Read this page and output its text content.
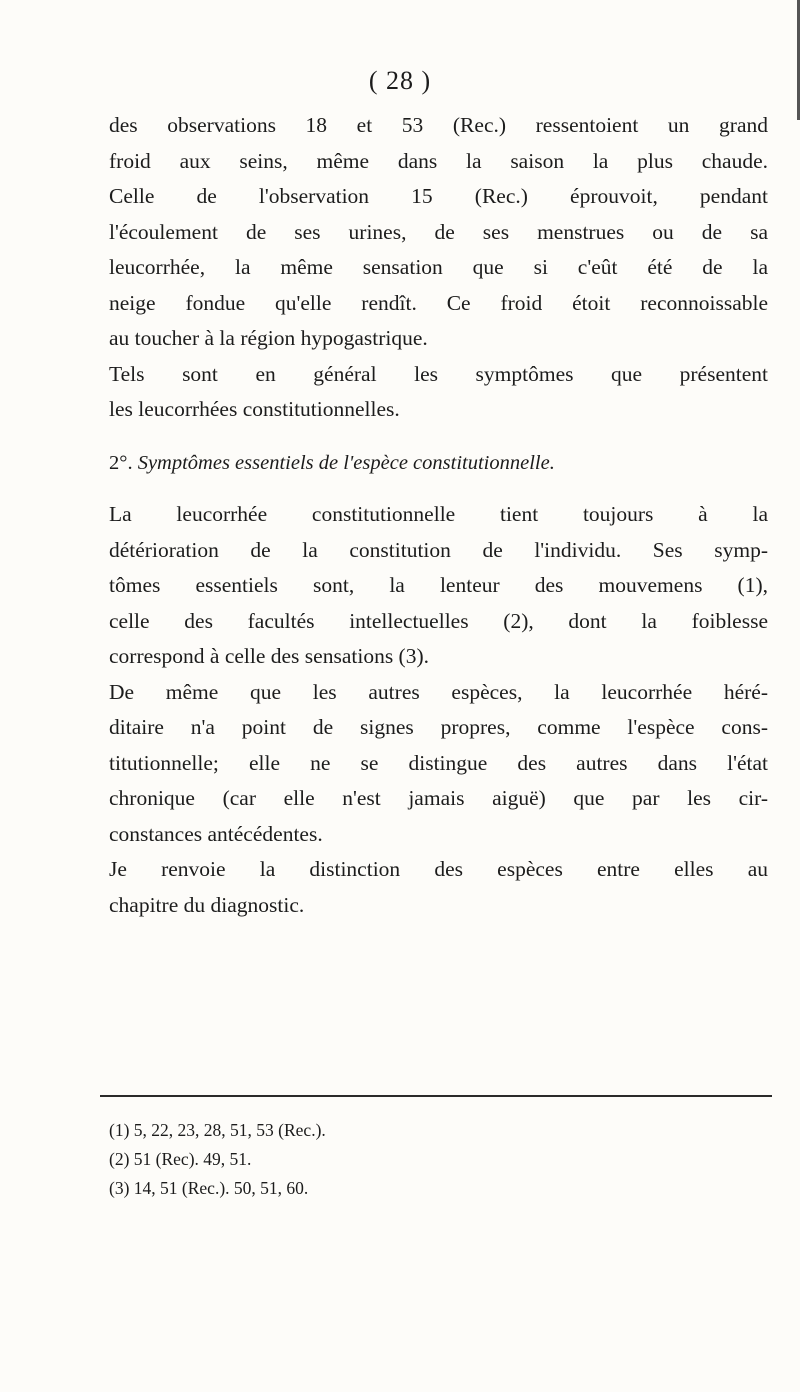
( 28 )

des observations 18 et 53 (Rec.) ressentoient un grand
froid aux seins, même dans la saison la plus chaude.
Celle de l'observation 15 (Rec.) éprouvoit, pendant
l'écoulement de ses urines, de ses menstrues ou de sa
leucorrhée, la même sensation que si c'eût été de la
neige fondue qu'elle rendît. Ce froid étoit reconnoissable
au toucher à la région hypogastrique.

Tels sont en général les symptômes que présentent
les leucorrhées constitutionnelles.

2°. Symptômes essentiels de l'espèce constitutionnelle.

La leucorrhée constitutionnelle tient toujours à la
détérioration de la constitution de l'individu. Ses symp-
tômes essentiels sont, la lenteur des mouvemens (1),
celle des facultés intellectuelles (2), dont la foiblesse
correspond à celle des sensations (3).

De même que les autres espèces, la leucorrhée héré-
ditaire n'a point de signes propres, comme l'espèce cons-
titutionnelle; elle ne se distingue des autres dans l'état
chronique (car elle n'est jamais aiguë) que par les cir-
constances antécédentes.

Je renvoie la distinction des espèces entre elles au
chapitre du diagnostic.

(1) 5, 22, 23, 28, 51, 53 (Rec.).

(2) 51 (Rec). 49, 51.

(3) 14, 51 (Rec.). 50, 51, 60.
